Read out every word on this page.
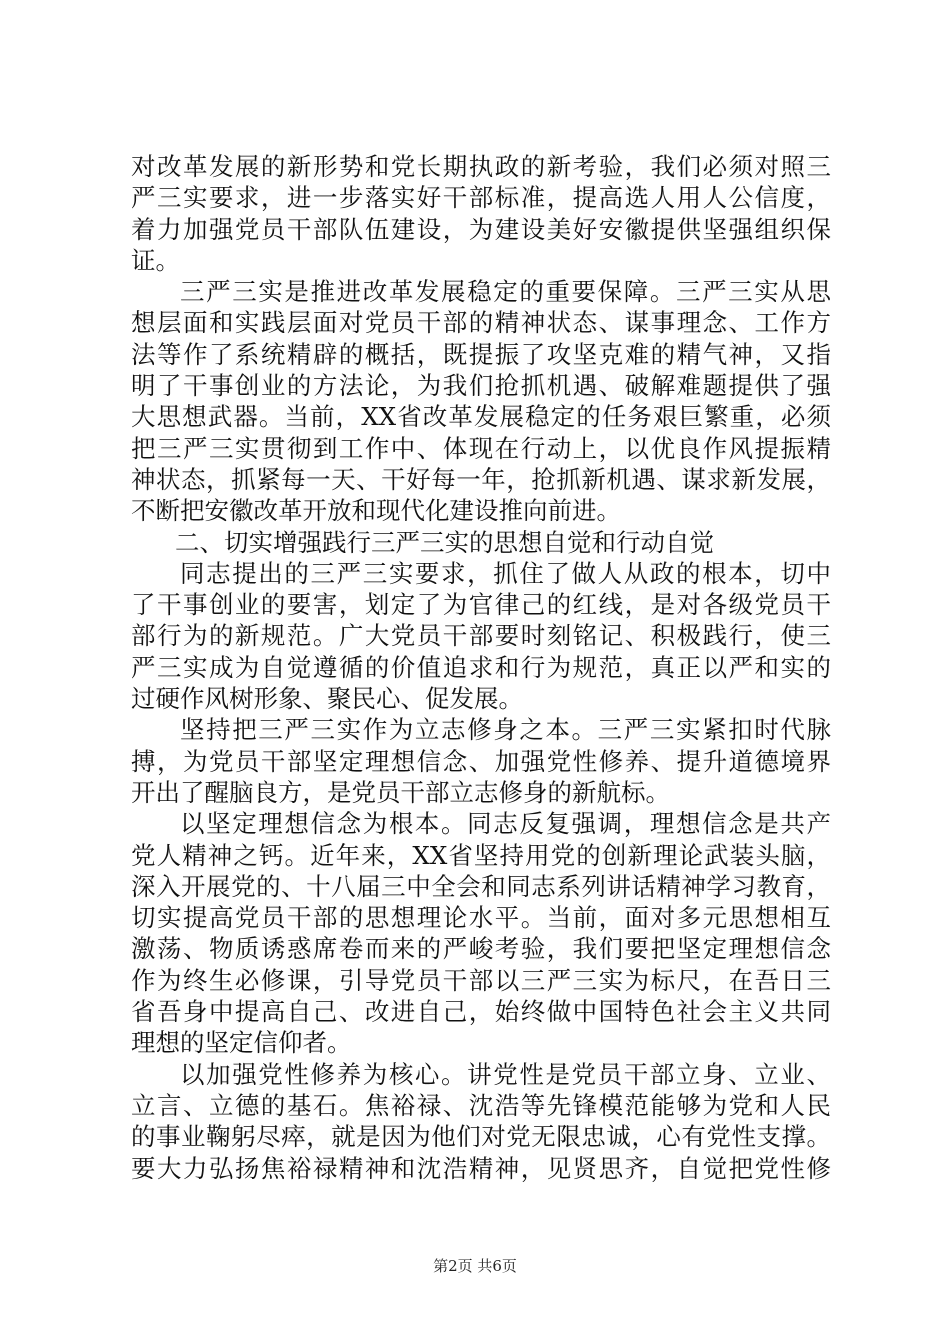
对改革发展的新形势和党长期执政的新考验，我们必须对照三
严三实要求，进一步落实好干部标准，提高选人用人公信度，
着力加强党员干部队伍建设，为建设美好安徽提供坚强组织保
证。
三严三实是推进改革发展稳定的重要保障。三严三实从思
想层面和实践层面对党员干部的精神状态、谋事理念、工作方
法等作了系统精辟的概括，既提振了攻坚克难的精气神，又指
明了干事创业的方法论，为我们抢抓机遇、破解难题提供了强
大思想武器。当前，XX省改革发展稳定的任务艰巨繁重，必须
把三严三实贯彻到工作中、体现在行动上，以优良作风提振精
神状态，抓紧每一天、干好每一年，抢抓新机遇、谋求新发展，
不断把安徽改革开放和现代化建设推向前进。
二、切实增强践行三严三实的思想自觉和行动自觉
同志提出的三严三实要求，抓住了做人从政的根本，切中
了干事创业的要害，划定了为官律己的红线，是对各级党员干
部行为的新规范。广大党员干部要时刻铭记、积极践行，使三
严三实成为自觉遵循的价值追求和行为规范，真正以严和实的
过硬作风树形象、聚民心、促发展。
坚持把三严三实作为立志修身之本。三严三实紧扣时代脉
搏，为党员干部坚定理想信念、加强党性修养、提升道德境界
开出了醒脑良方，是党员干部立志修身的新航标。
以坚定理想信念为根本。同志反复强调，理想信念是共产
党人精神之钙。近年来，XX省坚持用党的创新理论武装头脑，
深入开展党的、十八届三中全会和同志系列讲话精神学习教育，
切实提高党员干部的思想理论水平。当前，面对多元思想相互
激荡、物质诱惑席卷而来的严峻考验，我们要把坚定理想信念
作为终生必修课，引导党员干部以三严三实为标尺，在吾日三
省吾身中提高自己、改进自己，始终做中国特色社会主义共同
理想的坚定信仰者。
以加强党性修养为核心。讲党性是党员干部立身、立业、
立言、立德的基石。焦裕禄、沈浩等先锋模范能够为党和人民
的事业鞠躬尽瘁，就是因为他们对党无限忠诚，心有党性支撑。
要大力弘扬焦裕禄精神和沈浩精神，见贤思齐，自觉把党性修
第2页 共6页
